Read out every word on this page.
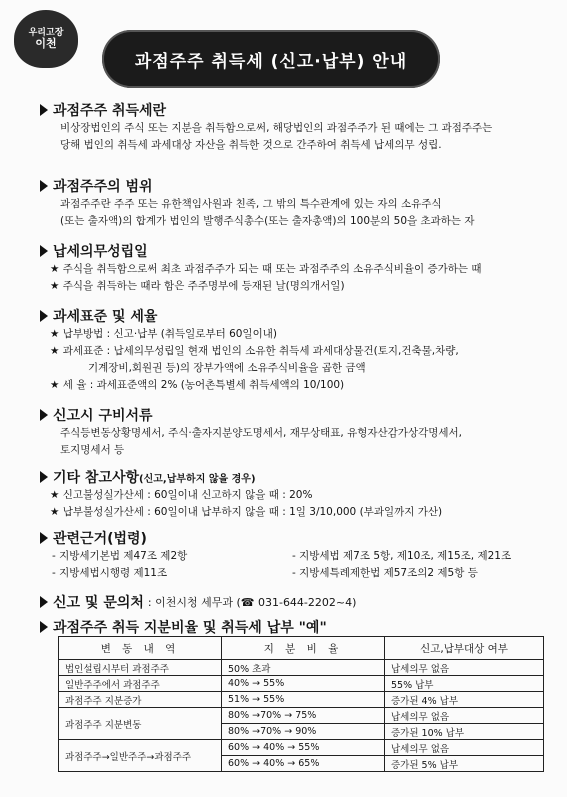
우리고장
이천
과점주주 취득세 (신고·납부) 안내
과점주주 취득세란
비상장법인의 주식 또는 지분을 취득함으로써, 해당법인의 과점주주가 된 때에는 그 과점주주는
당해 법인의 취득세 과세대상 자산을 취득한 것으로 간주하여 취득세 납세의무 성립.
과점주주의 범위
과점주주란 주주 또는 유한책임사원과 친족, 그 밖의 특수관계에 있는 자의 소유주식
(또는 출자액)의 합계가 법인의 발행주식총수(또는 출자총액)의 100분의 50을 초과하는 자
납세의무성립일
★ 주식을 취득함으로써 최초 과점주주가 되는 때 또는 과점주주의 소유주식비율이 증가하는 때
★ 주식을 취득하는 때라 함은 주주명부에 등재된 날(명의개서일)
과세표준 및 세율
★ 납부방법 : 신고·납부 (취득일로부터 60일이내)
★ 과세표준 : 납세의무성립일 현재 법인의 소유한 취득세 과세대상물건(토지,건축물,차량,
기계장비,회원권 등)의 장부가액에 소유주식비율을 곱한 금액
★ 세 율 : 과세표준액의 2% (농어촌특별세 취득세액의 10/100)
신고시 구비서류
주식등변동상황명세서, 주식·출자지분양도명세서, 재무상태표, 유형자산감가상각명세서,
토지명세서 등
기타 참고사항 (신고,납부하지 않을 경우)
★ 신고불성실가산세 : 60일이내 신고하지 않을 때 : 20%
★ 납부불성실가산세 : 60일이내 납부하지 않을 때 : 1일 3/10,000 (부과일까지 가산)
관련근거(법령)
- 지방세기본법 제47조 제2항	- 지방세법 제7조 5항, 제10조, 제15조, 제21조
- 지방세법시행령 제11조	- 지방세특례제한법 제57조의2 제5항 등
신고 및 문의처 : 이천시청 세무과 (☎ 031-644-2202~4)
과점주주 취득 지분비율 및 취득세 납부 "예"
변 동 내 역	지 분 비 율	신고,납부대상 여부
법인설립시부터 과점주주	50% 초과	납세의무 없음
일반주주에서 과점주주	40% → 55%	55% 납부
과점주주 지분증가	51% → 55%	증가된 4% 납부
과점주주 지분변동	80% →70% → 75%	납세의무 없음
	80% →70% → 90%	증가된 10% 납부
과점주주→일반주주→과점주주	60% → 40% → 55%	납세의무 없음
	60% → 40% → 65%	증가된 5% 납부
